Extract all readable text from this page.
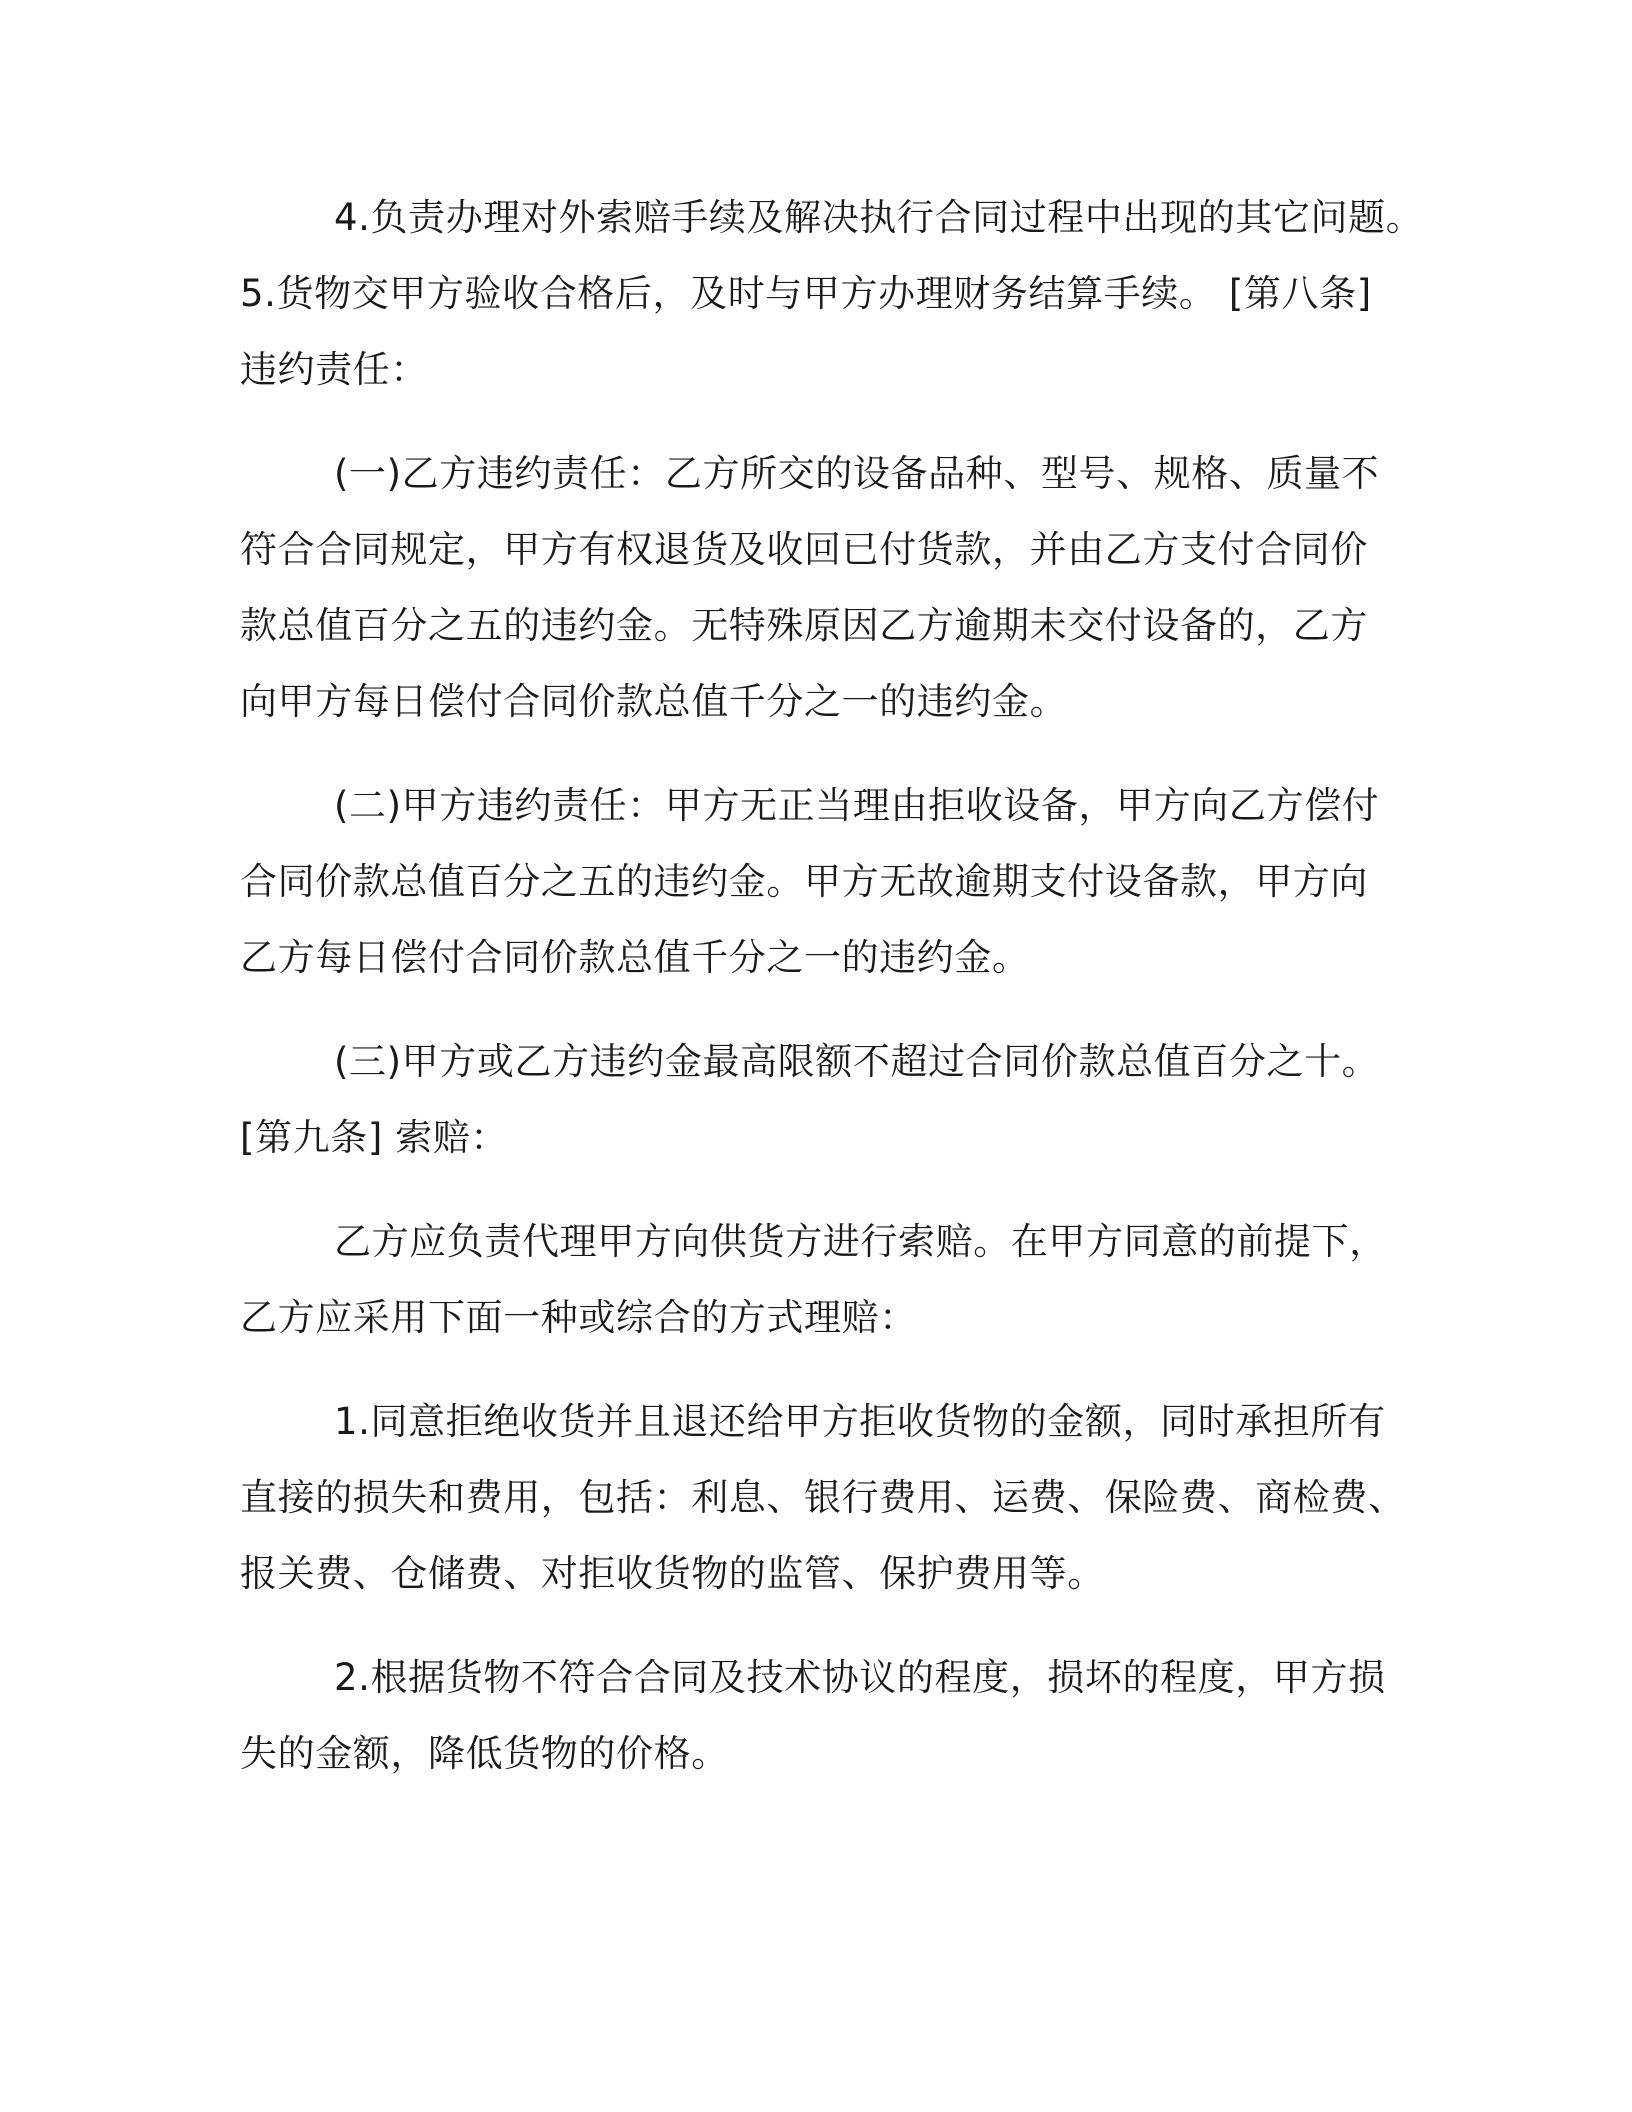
4.负责办理对外索赔手续及解决执行合同过程中出现的其它问题。
5.货物交甲方验收合格后，及时与甲方办理财务结算手续。 [第八条]
违约责任：
(一)乙方违约责任：乙方所交的设备品种、型号、规格、质量不
符合合同规定，甲方有权退货及收回已付货款，并由乙方支付合同价
款总值百分之五的违约金。无特殊原因乙方逾期未交付设备的，乙方
向甲方每日偿付合同价款总值千分之一的违约金。
(二)甲方违约责任：甲方无正当理由拒收设备，甲方向乙方偿付
合同价款总值百分之五的违约金。甲方无故逾期支付设备款，甲方向
乙方每日偿付合同价款总值千分之一的违约金。
(三)甲方或乙方违约金最高限额不超过合同价款总值百分之十。
[第九条] 索赔：
乙方应负责代理甲方向供货方进行索赔。在甲方同意的前提下，
乙方应采用下面一种或综合的方式理赔：
1.同意拒绝收货并且退还给甲方拒收货物的金额，同时承担所有
直接的损失和费用，包括：利息、银行费用、运费、保险费、商检费、
报关费、仓储费、对拒收货物的监管、保护费用等。
2.根据货物不符合合同及技术协议的程度，损坏的程度，甲方损
失的金额，降低货物的价格。
